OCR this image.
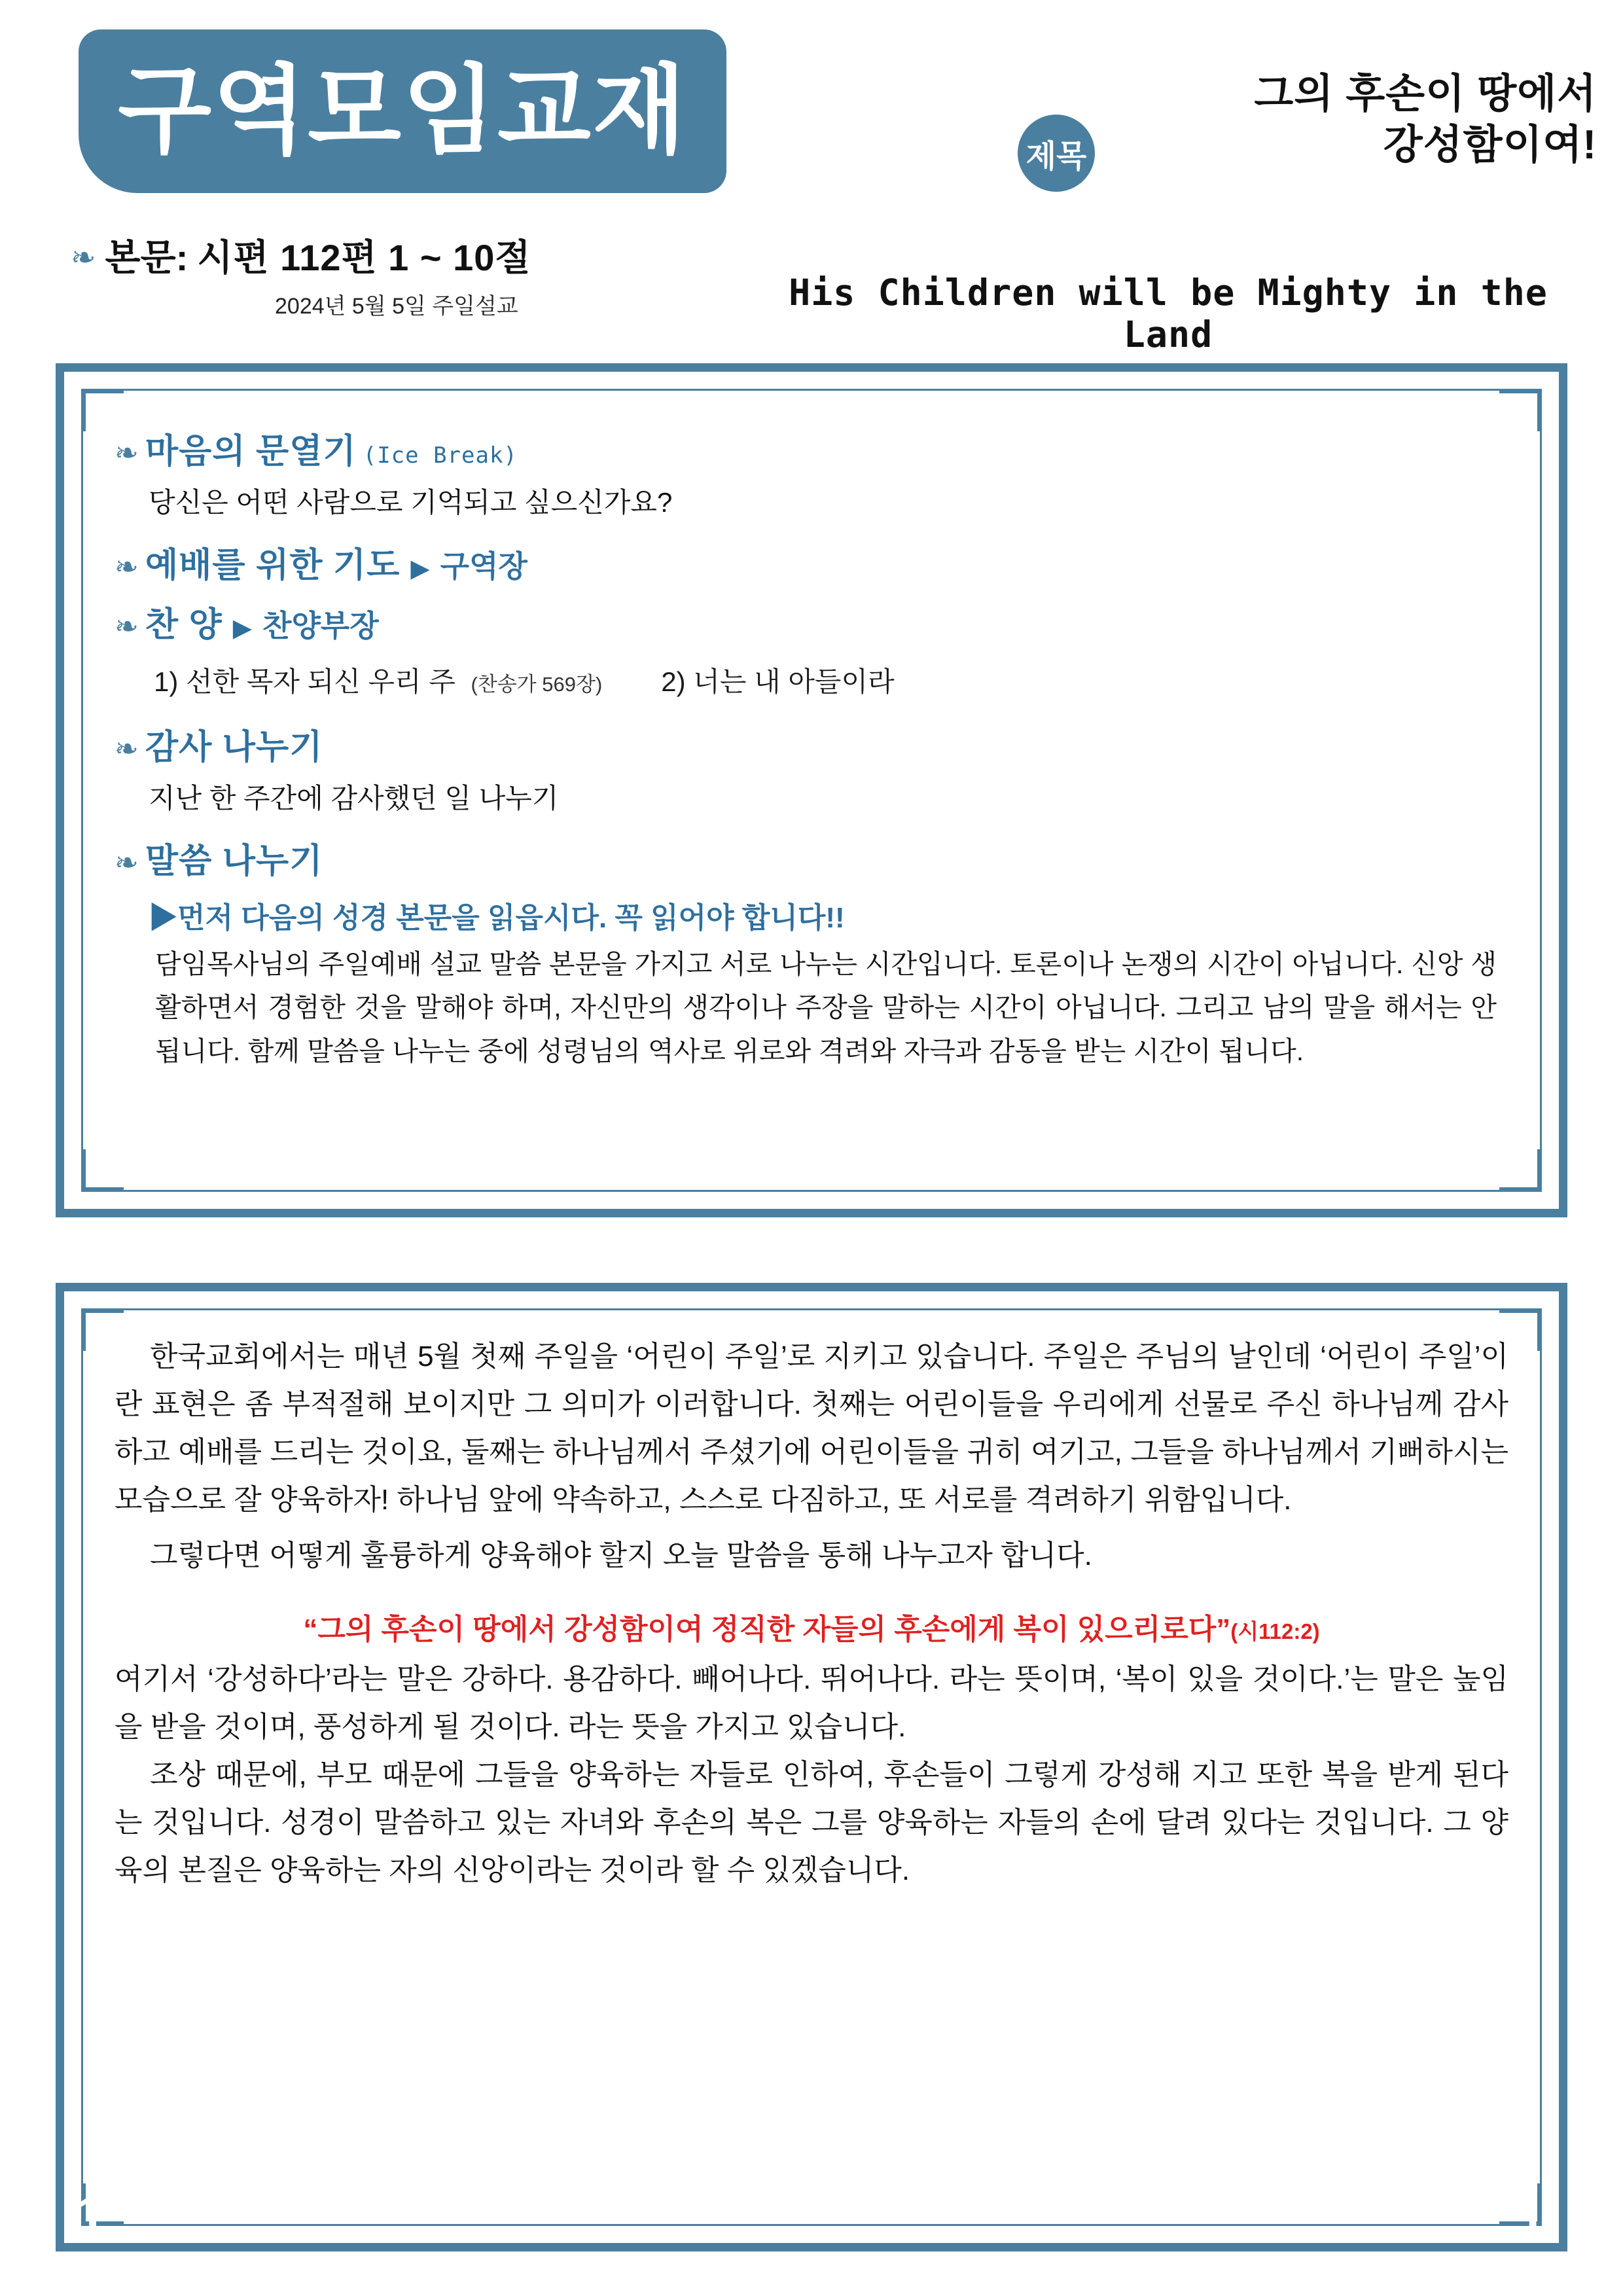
구역모임교재	제목
그의 후손이 땅에서
강성함이여!
His Children will be Mighty in the Land
❧ 본문: 시편 112편 1 ~ 10절
2024년 5월 5일 주일설교
❧ 마음의 문열기 (Ice Break)
당신은 어떤 사람으로 기억되고 싶으신가요?
❧ 예배를 위한 기도 ▶ 구역장
❧ 찬 양 ▶ 찬양부장
1) 선한 목자 되신 우리 주 (찬송가 569장) 2) 너는 내 아들이라
❧ 감사 나누기
지난 한 주간에 감사했던 일 나누기
❧ 말씀 나누기
▶먼저 다음의 성경 본문을 읽읍시다. 꼭 읽어야 합니다!!
담임목사님의 주일예배 설교 말씀 본문을 가지고 서로 나누는 시간입니다. 토론이나 논쟁의 시간이 아닙니다. 신앙 생활하면서 경험한 것을 말해야 하며, 자신만의 생각이나 주장을 말하는 시간이 아닙니다. 그리고 남의 말을 해서는 안 됩니다. 함께 말씀을 나누는 중에 성령님의 역사로 위로와 격려와 자극과 감동을 받는 시간이 됩니다.
한국교회에서는 매년 5월 첫째 주일을 ‘어린이 주일’로 지키고 있습니다. 주일은 주님의 날인데 ‘어린이 주일’이란 표현은 좀 부적절해 보이지만 그 의미가 이러합니다. 첫째는 어린이들을 우리에게 선물로 주신 하나님께 감사하고 예배를 드리는 것이요, 둘째는 하나님께서 주셨기에 어린이들을 귀히 여기고, 그들을 하나님께서 기뻐하시는 모습으로 잘 양육하자! 하나님 앞에 약속하고, 스스로 다짐하고, 또 서로를 격려하기 위함입니다.
그렇다면 어떻게 훌륭하게 양육해야 할지 오늘 말씀을 통해 나누고자 합니다.
“그의 후손이 땅에서 강성함이여 정직한 자들의 후손에게 복이 있으리로다”(시112:2)
여기서 ‘강성하다’라는 말은 강하다. 용감하다. 빼어나다. 뛰어나다. 라는 뜻이며, ‘복이 있을 것이다.’는 말은 높임을 받을 것이며, 풍성하게 될 것이다. 라는 뜻을 가지고 있습니다.
조상 때문에, 부모 때문에 그들을 양육하는 자들로 인하여, 후손들이 그렇게 강성해 지고 또한 복을 받게 된다는 것입니다. 성경이 말씀하고 있는 자녀와 후손의 복은 그를 양육하는 자들의 손에 달려 있다는 것입니다. 그 양육의 본질은 양육하는 자의 신앙이라는 것이라 할 수 있겠습니다.
1	1
